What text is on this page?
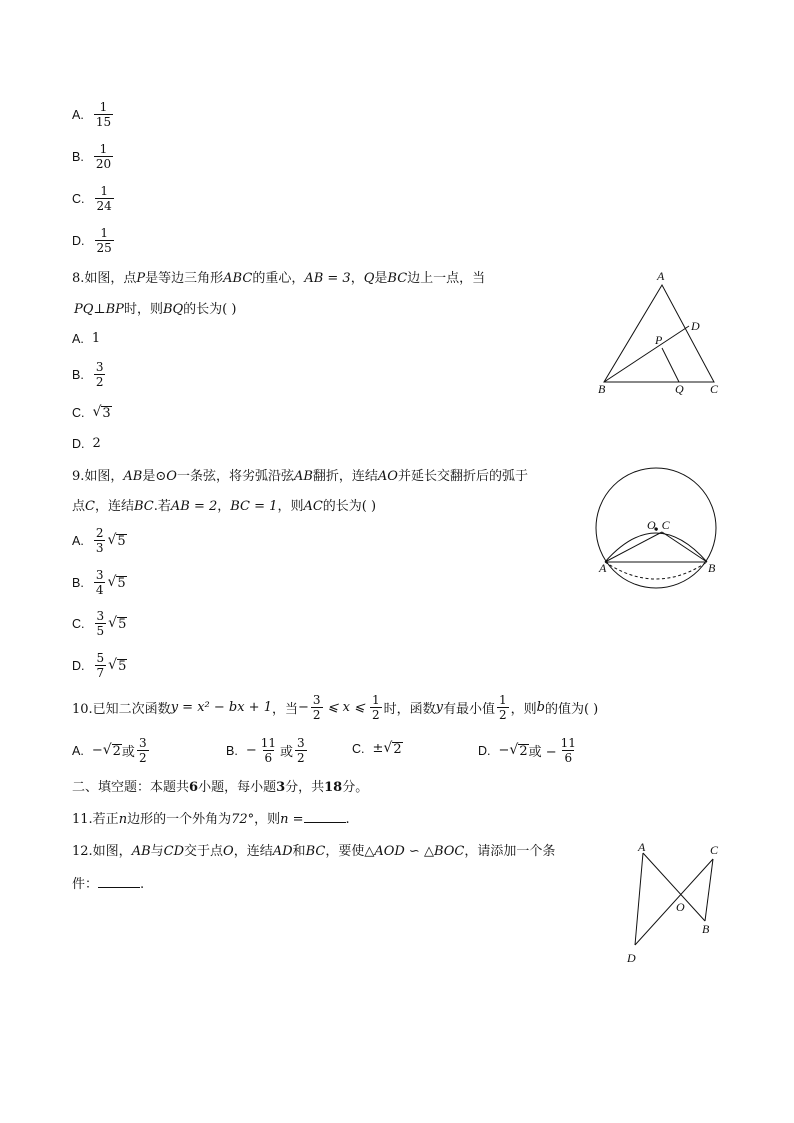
A. $\frac{1}{15}$
B. $\frac{1}{20}$
C. $\frac{1}{24}$
D. $\frac{1}{25}$
8.如图，点P是等边三角形ABC的重心，AB = 3，Q是BC边上一点，当
PQ⊥BP时，则BQ的长为( )
A. 1
B. $\frac{3}{2}$
C. √ 3
D. 2
A
B	C
D
P
Q
9.如图，AB是⊙O一条弦，将劣弧沿弦AB翻折，连结AO并延长交翻折后的弧于
点C，连结BC.若AB = 2，BC = 1，则AC的长为( )
A. $\frac{2}{3}$ √ 5
B. $\frac{3}{4}$ √ 5
C. $\frac{3}{5}$ √ 5
D. $\frac{5}{7}$ √ 5
O, C
A	B
10.已知二次函数 y = x² − bx + 1 ，当 − $\frac{3}{2}$ ⩽ x ⩽ $\frac{1}{2}$ 时，函数 y 有最小值 $\frac{1}{2}$ ，则 b 的值为( )
A. − √ 2 或 $\frac{3}{2}$	B. − $\frac{11}{6}$ 或 $\frac{3}{2}$	C. ± √ 2	D. − √ 2 或 − $\frac{11}{6}$
二、填空题：本题共6小题，每小题3分，共18分。
11.若正n边形的一个外角为72°，则n =	.
12.如图，AB与CD交于点O，连结AD和BC，要使△AOD ∽ △BOC，请添加一个条
件：	.
A	C
O
B
D
